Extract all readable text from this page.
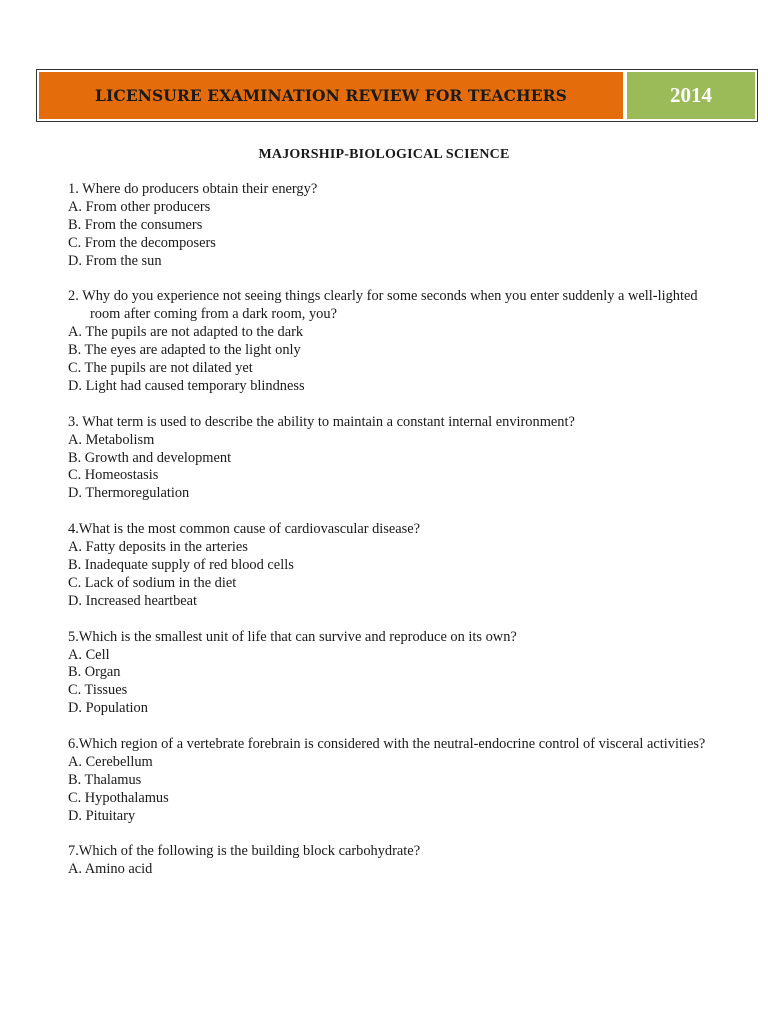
LICENSURE EXAMINATION REVIEW FOR TEACHERS	2014
MAJORSHIP-BIOLOGICAL SCIENCE
1. Where do producers obtain their energy?
A. From other producers
B. From the consumers
C. From the decomposers
D. From the sun
2. Why do you experience not seeing things clearly for some seconds when you enter suddenly a well-lighted room after coming from a dark room, you?
A. The pupils are not adapted to the dark
B. The eyes are adapted to the light only
C. The pupils are not dilated yet
D. Light had caused temporary blindness
3. What term is used to describe the ability to maintain a constant internal environment?
A. Metabolism
B. Growth and development
C. Homeostasis
D. Thermoregulation
4.What is the most common cause of cardiovascular disease?
A. Fatty deposits in the arteries
B. Inadequate supply of red blood cells
C. Lack of sodium in the diet
D. Increased heartbeat
5.Which is the smallest unit of life that can survive and reproduce on its own?
A. Cell
B. Organ
C. Tissues
D. Population
6.Which region of a vertebrate forebrain is considered with the neutral-endocrine control of visceral activities?
A. Cerebellum
B. Thalamus
C. Hypothalamus
D. Pituitary
7.Which of the following is the building block carbohydrate?
A. Amino acid
